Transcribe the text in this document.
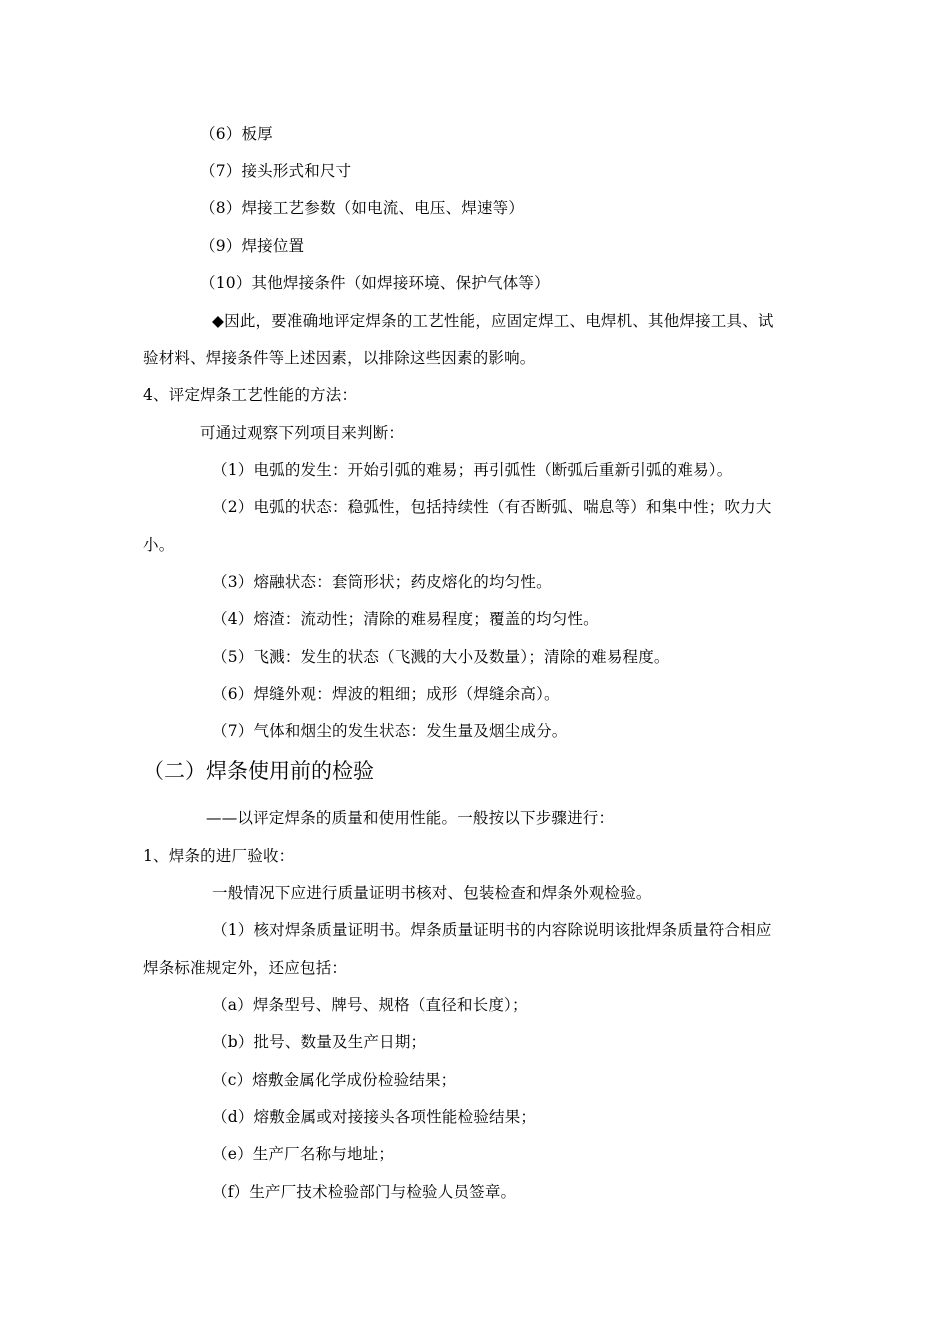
（6）板厚
（7）接头形式和尺寸
（8）焊接工艺参数（如电流、电压、焊速等）
（9）焊接位置
（10）其他焊接条件（如焊接环境、保护气体等）
◆因此，要准确地评定焊条的工艺性能，应固定焊工、电焊机、其他焊接工具、试
验材料、焊接条件等上述因素，以排除这些因素的影响。
4、评定焊条工艺性能的方法：
可通过观察下列项目来判断：
（1）电弧的发生：开始引弧的难易；再引弧性（断弧后重新引弧的难易）。
（2）电弧的状态：稳弧性，包括持续性（有否断弧、喘息等）和集中性；吹力大
小。
（3）熔融状态：套筒形状；药皮熔化的均匀性。
（4）熔渣：流动性；清除的难易程度；覆盖的均匀性。
（5）飞溅：发生的状态（飞溅的大小及数量）；清除的难易程度。
（6）焊缝外观：焊波的粗细；成形（焊缝余高）。
（7）气体和烟尘的发生状态：发生量及烟尘成分。
（二）焊条使用前的检验
——以评定焊条的质量和使用性能。一般按以下步骤进行：
1、焊条的进厂验收：
一般情况下应进行质量证明书核对、包装检查和焊条外观检验。
（1）核对焊条质量证明书。焊条质量证明书的内容除说明该批焊条质量符合相应
焊条标准规定外，还应包括：
（a）焊条型号、牌号、规格（直径和长度）；
（b）批号、数量及生产日期；
（c）熔敷金属化学成份检验结果；
（d）熔敷金属或对接接头各项性能检验结果；
（e）生产厂名称与地址；
（f）生产厂技术检验部门与检验人员签章。
